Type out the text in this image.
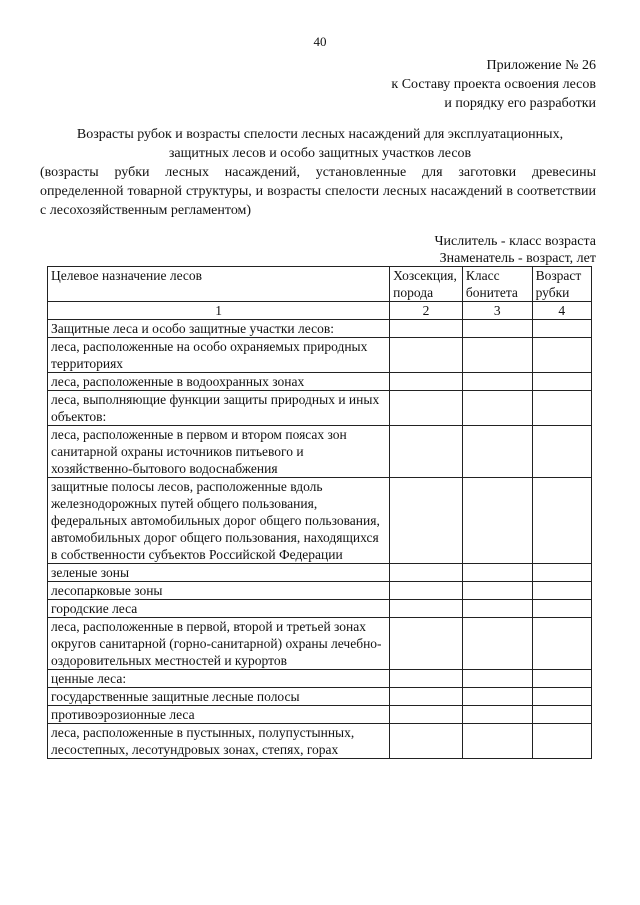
40
Приложение № 26
к Составу проекта освоения лесов
и порядку его разработки
Возрасты рубок и возрасты спелости лесных насаждений для эксплуатационных,
защитных лесов и особо защитных участков лесов
(возрасты рубки лесных насаждений, установленные для заготовки древесины определенной товарной структуры, и возрасты спелости лесных насаждений в соответствии с лесохозяйственным регламентом)
Числитель - класс возраста
Знаменатель - возраст, лет
Целевое назначение лесов	Хозсекция, порода	Класс бонитета	Возраст рубки
1	2	3	4
Защитные леса и особо защитные участки лесов:			
леса, расположенные на особо охраняемых природных территориях			
леса, расположенные в водоохранных зонах			
леса, выполняющие функции защиты природных и иных объектов:			
леса, расположенные в первом и втором поясах зон санитарной охраны источников питьевого и хозяйственно-бытового водоснабжения			
защитные полосы лесов, расположенные вдоль железнодорожных путей общего пользования, федеральных автомобильных дорог общего пользования, автомобильных дорог общего пользования, находящихся в собственности субъектов Российской Федерации			
зеленые зоны			
лесопарковые зоны			
городские леса			
леса, расположенные в первой, второй и третьей зонах округов санитарной (горно-санитарной) охраны лечебно-оздоровительных местностей и курортов			
ценные леса:			
государственные защитные лесные полосы			
противоэрозионные леса			
леса, расположенные в пустынных, полупустынных, лесостепных, лесотундровых зонах, степях, горах			
